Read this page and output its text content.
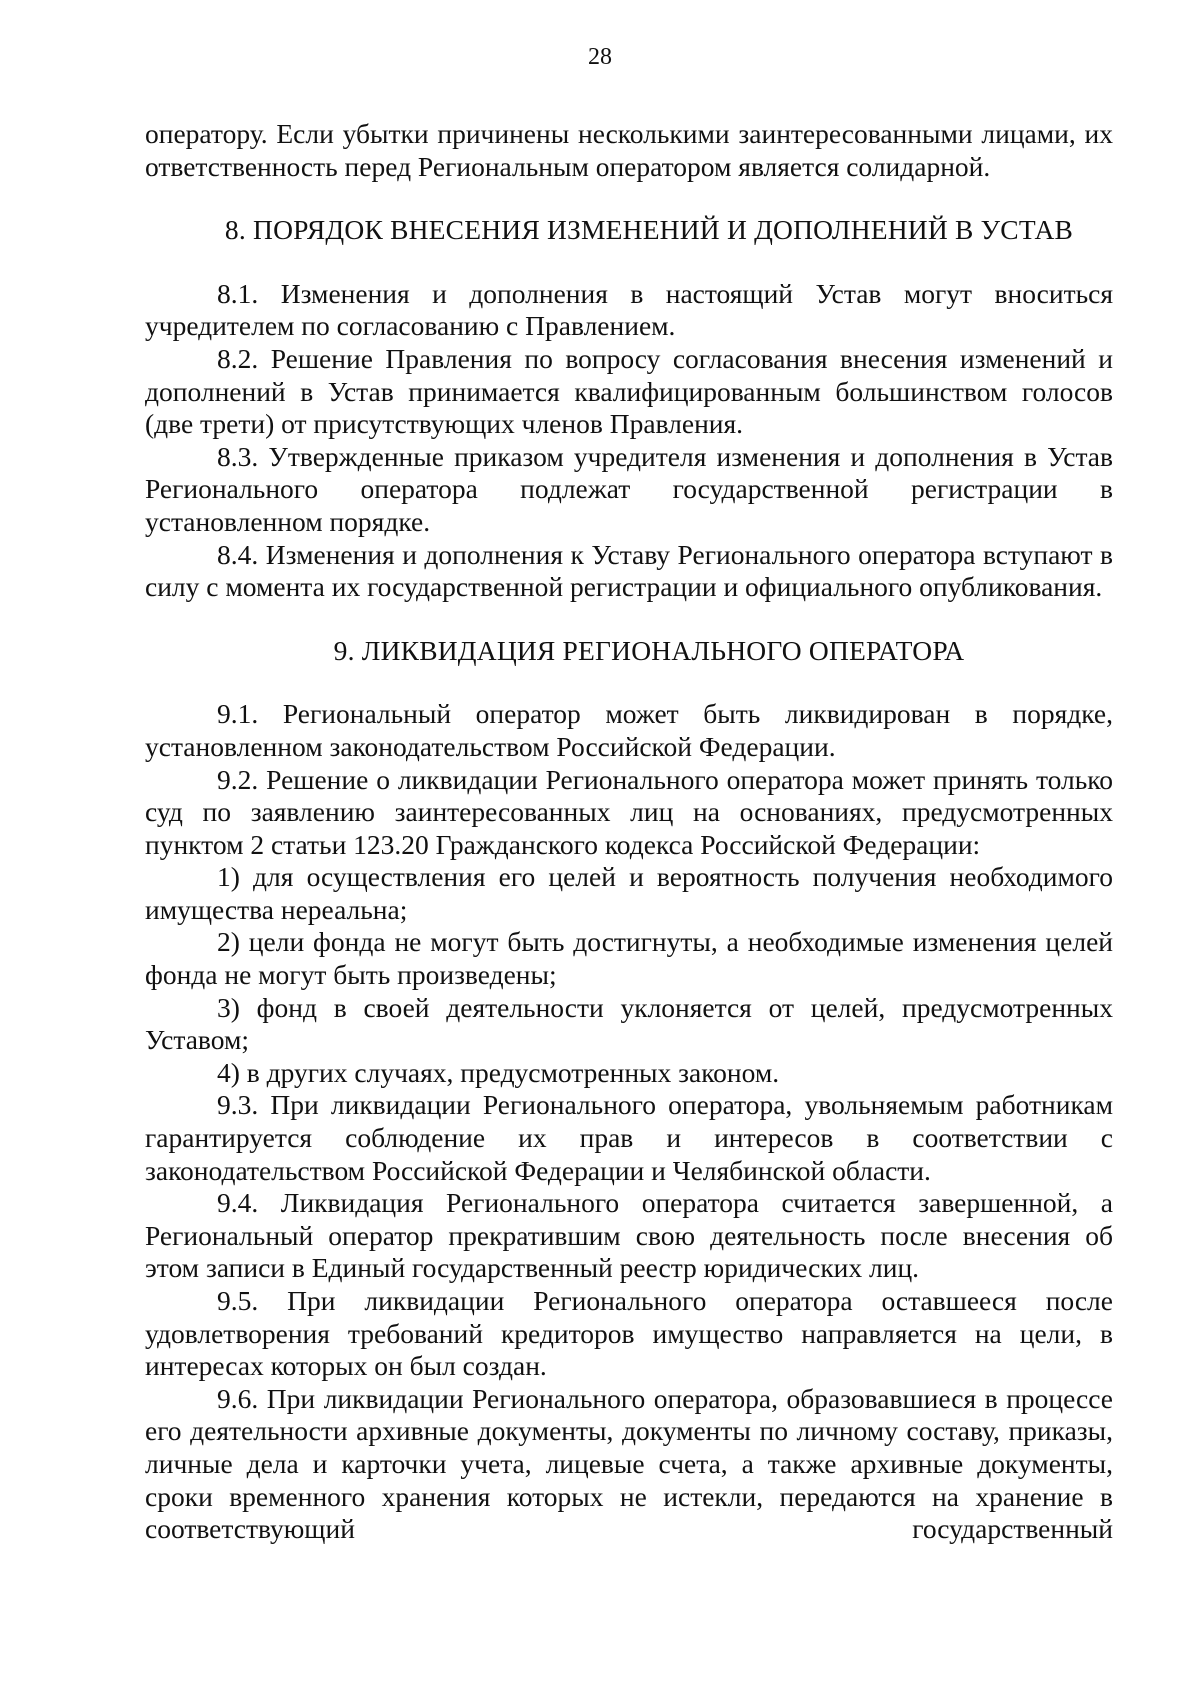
28

оператору. Если убытки причинены несколькими заинтересованными лицами, их ответственность перед Региональным оператором является солидарной.

8. ПОРЯДОК ВНЕСЕНИЯ ИЗМЕНЕНИЙ И ДОПОЛНЕНИЙ В УСТАВ

8.1. Изменения и дополнения в настоящий Устав могут вноситься учредителем по согласованию с Правлением.

8.2. Решение Правления по вопросу согласования внесения изменений и дополнений в Устав принимается квалифицированным большинством голосов (две трети) от присутствующих членов Правления.

8.3. Утвержденные приказом учредителя изменения и дополнения в Устав Регионального оператора подлежат государственной регистрации в установленном порядке.

8.4. Изменения и дополнения к Уставу Регионального оператора вступают в силу с момента их государственной регистрации и официального опубликования.

9. ЛИКВИДАЦИЯ РЕГИОНАЛЬНОГО ОПЕРАТОРА

9.1. Региональный оператор может быть ликвидирован в порядке, установленном законодательством Российской Федерации.

9.2. Решение о ликвидации Регионального оператора может принять только суд по заявлению заинтересованных лиц на основаниях, предусмотренных пунктом 2 статьи 123.20 Гражданского кодекса Российской Федерации:

1) для осуществления его целей и вероятность получения необходимого имущества нереальна;

2) цели фонда не могут быть достигнуты, а необходимые изменения целей фонда не могут быть произведены;

3) фонд в своей деятельности уклоняется от целей, предусмотренных Уставом;

4) в других случаях, предусмотренных законом.

9.3. При ликвидации Регионального оператора, увольняемым работникам гарантируется соблюдение их прав и интересов в соответствии с законодательством Российской Федерации и Челябинской области.

9.4. Ликвидация Регионального оператора считается завершенной, а Региональный оператор прекратившим свою деятельность после внесения об этом записи в Единый государственный реестр юридических лиц.

9.5. При ликвидации Регионального оператора оставшееся после удовлетворения требований кредиторов имущество направляется на цели, в интересах которых он был создан.

9.6. При ликвидации Регионального оператора, образовавшиеся в процессе его деятельности архивные документы, документы по личному составу, приказы, личные дела и карточки учета, лицевые счета, а также архивные документы, сроки временного хранения которых не истекли, передаются на хранение в соответствующий государственный
